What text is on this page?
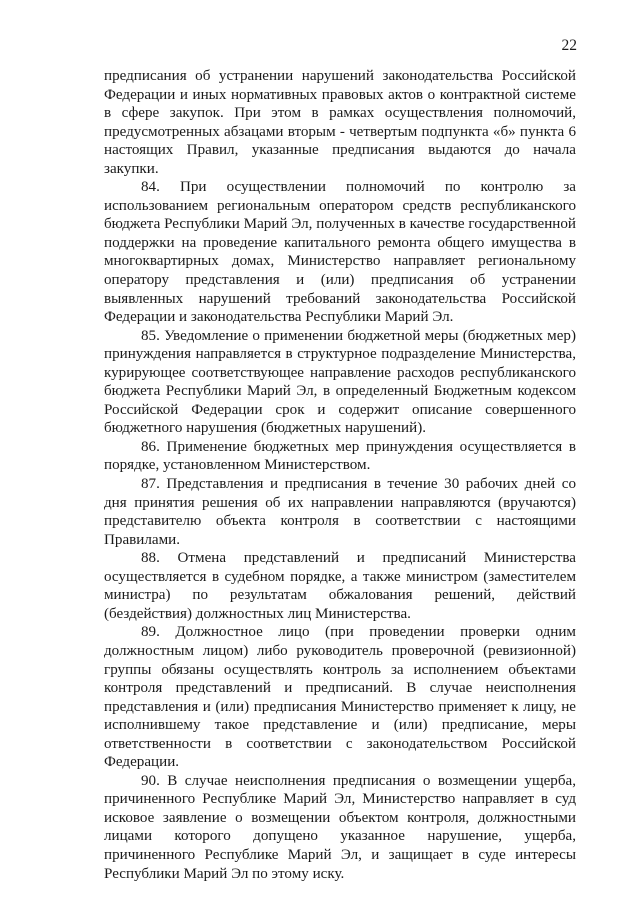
22

предписания об устранении нарушений законодательства Российской Федерации и иных нормативных правовых актов о контрактной системе в сфере закупок. При этом в рамках осуществления полномочий, предусмотренных абзацами вторым - четвертым подпункта «б» пункта 6 настоящих Правил, указанные предписания выдаются до начала закупки.

84. При осуществлении полномочий по контролю за использованием региональным оператором средств республиканского бюджета Республики Марий Эл, полученных в качестве государственной поддержки на проведение капитального ремонта общего имущества в многоквартирных домах, Министерство направляет региональному оператору представления и (или) предписания об устранении выявленных нарушений требований законодательства Российской Федерации и законодательства Республики Марий Эл.

85. Уведомление о применении бюджетной меры (бюджетных мер) принуждения направляется в структурное подразделение Министерства, курирующее соответствующее направление расходов республиканского бюджета Республики Марий Эл, в определенный Бюджетным кодексом Российской Федерации срок и содержит описание совершенного бюджетного нарушения (бюджетных нарушений).

86. Применение бюджетных мер принуждения осуществляется в порядке, установленном Министерством.

87. Представления и предписания в течение 30 рабочих дней со дня принятия решения об их направлении направляются (вручаются) представителю объекта контроля в соответствии с настоящими Правилами.

88. Отмена представлений и предписаний Министерства осуществляется в судебном порядке, а также министром (заместителем министра) по результатам обжалования решений, действий (бездействия) должностных лиц Министерства.

89. Должностное лицо (при проведении проверки одним должностным лицом) либо руководитель проверочной (ревизионной) группы обязаны осуществлять контроль за исполнением объектами контроля представлений и предписаний. В случае неисполнения представления и (или) предписания Министерство применяет к лицу, не исполнившему такое представление и (или) предписание, меры ответственности в соответствии с законодательством Российской Федерации.

90. В случае неисполнения предписания о возмещении ущерба, причиненного Республике Марий Эл, Министерство направляет в суд исковое заявление о возмещении объектом контроля, должностными лицами которого допущено указанное нарушение, ущерба, причиненного Республике Марий Эл, и защищает в суде интересы Республики Марий Эл по этому иску.
